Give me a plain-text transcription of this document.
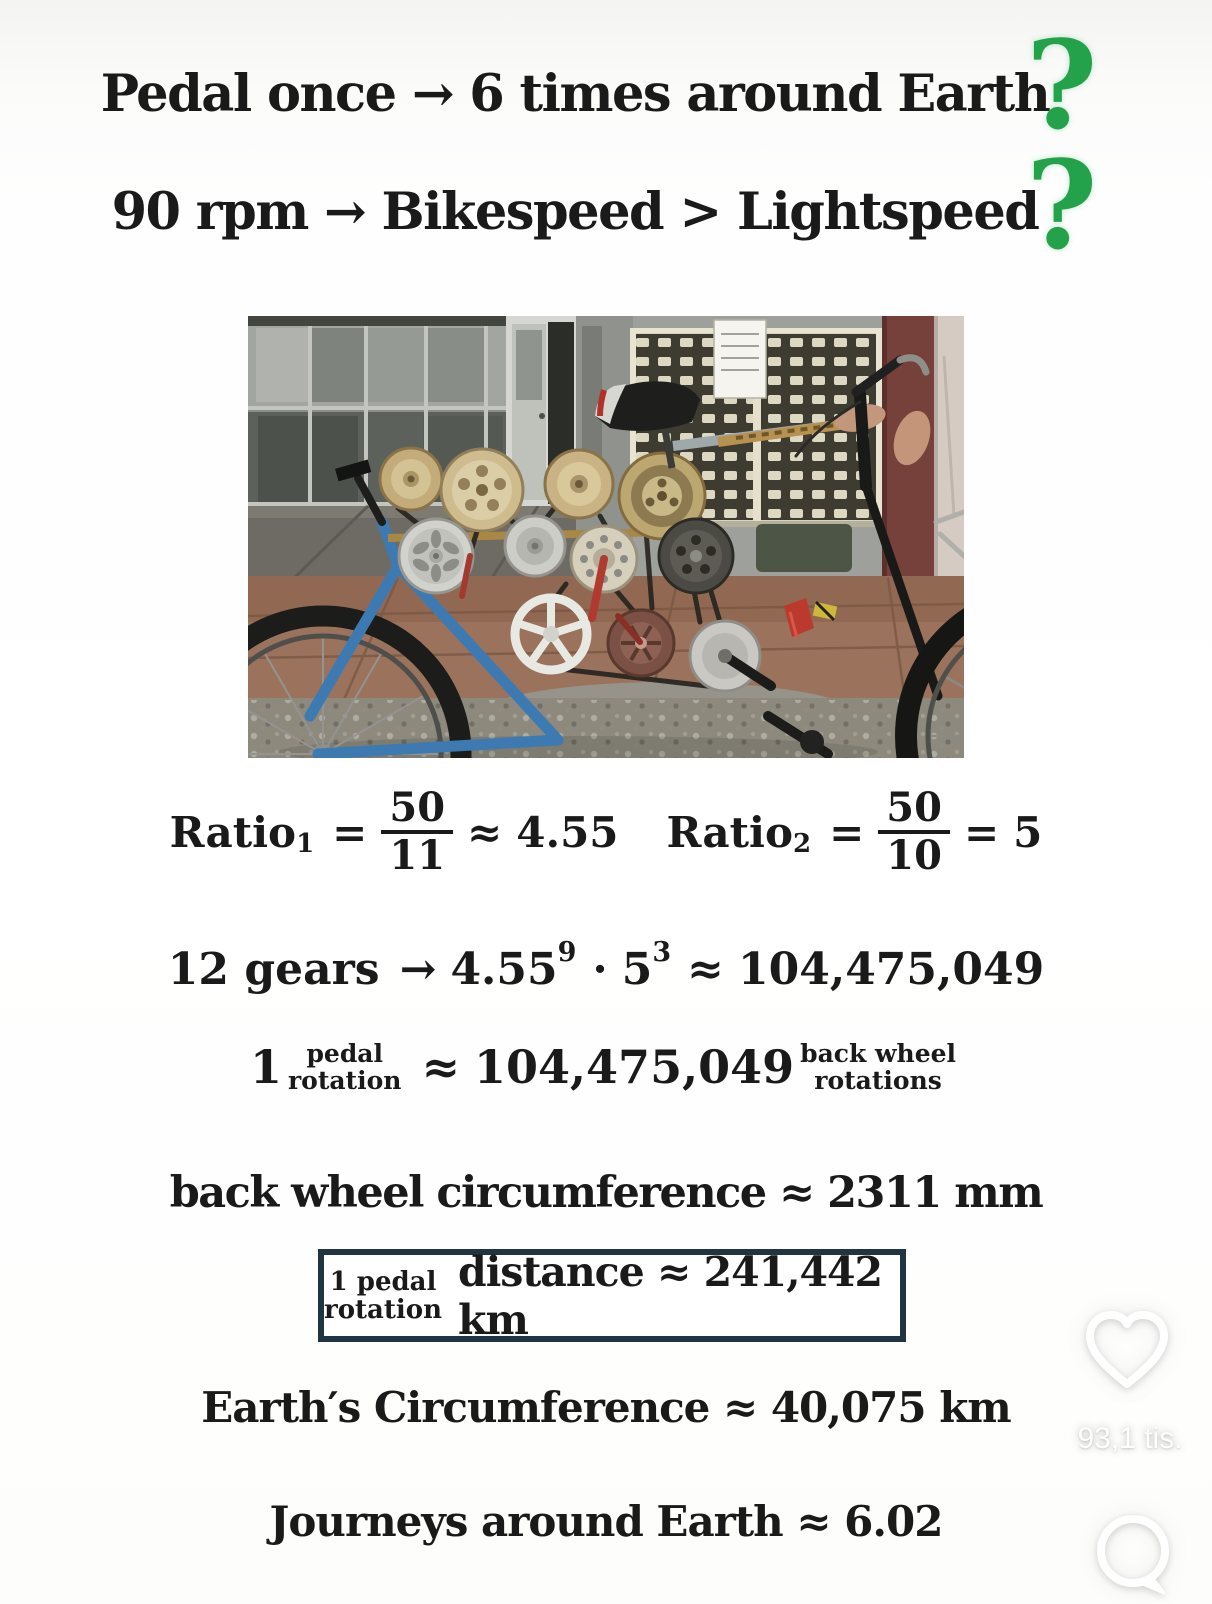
Pedal once → 6 times around Earth
?
90 rpm → Bikespeed > Lightspeed
?
Ratio $1 = \frac{50}{11} \approx 4.55$ Ratio $2 = \frac{50}{10} = 5$
12 gears → 4.55 9 · 5 3 ≈ 104,475,049
1 pedal
rotation ≈ 104,475,049 back wheel
rotations
back wheel circumference ≈ 2311 mm
1 pedal
rotation
distance ≈ 241,442 km
Earth′s Circumference ≈ 40,075 km
Journeys around Earth ≈ 6.02
93,1 tis.
